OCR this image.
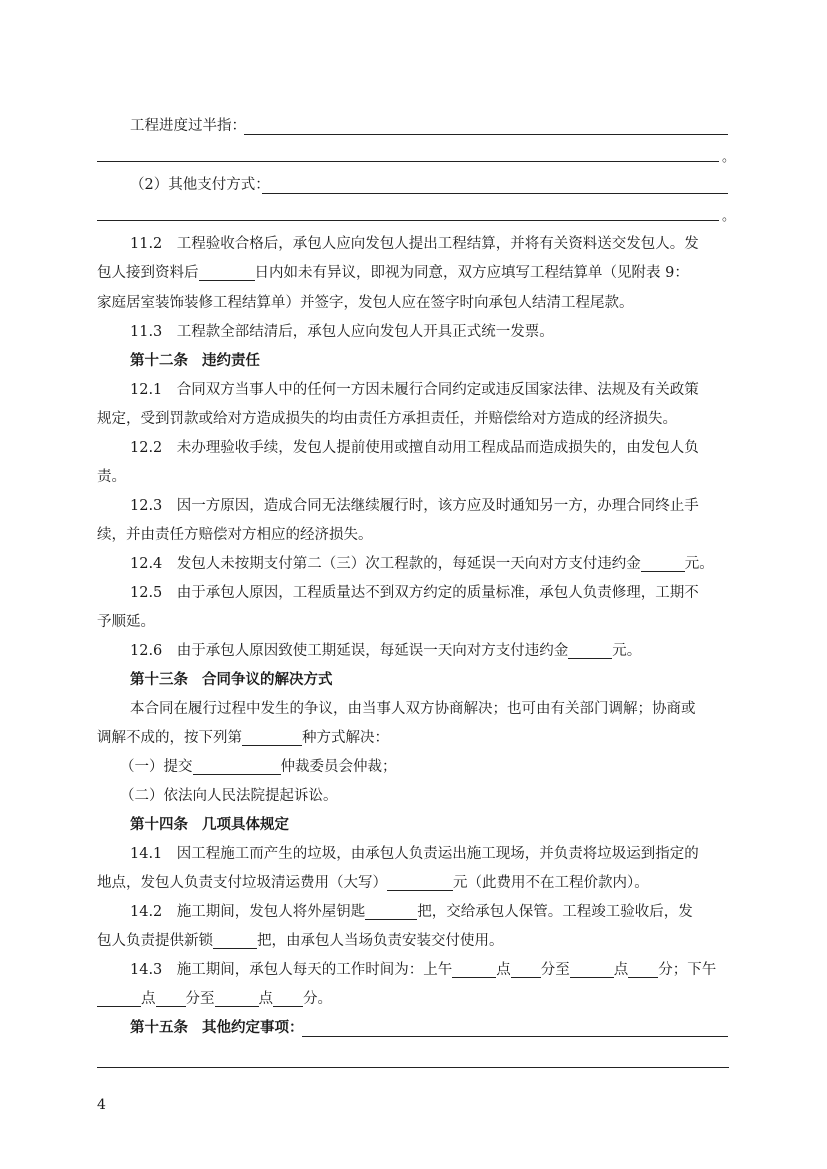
工程进度过半指：
。
（2）其他支付方式：
。
11.2　工程验收合格后，承包人应向发包人提出工程结算，并将有关资料送交发包人。发
包人接到资料后	日内如未有异议，即视为同意，双方应填写工程结算单（见附表 9：
家庭居室装饰装修工程结算单）并签字，发包人应在签字时向承包人结清工程尾款。
11.3　工程款全部结清后，承包人应向发包人开具正式统一发票。
第十二条 违约责任
12.1　合同双方当事人中的任何一方因未履行合同约定或违反国家法律、法规及有关政策
规定，受到罚款或给对方造成损失的均由责任方承担责任，并赔偿给对方造成的经济损失。
12.2　未办理验收手续，发包人提前使用或擅自动用工程成品而造成损失的，由发包人负
责。
12.3　因一方原因，造成合同无法继续履行时，该方应及时通知另一方，办理合同终止手
续，并由责任方赔偿对方相应的经济损失。
12.4　发包人未按期支付第二（三）次工程款的，每延误一天向对方支付违约金	元。
12.5　由于承包人原因，工程质量达不到双方约定的质量标准，承包人负责修理，工期不
予顺延。
12.6　由于承包人原因致使工期延误，每延误一天向对方支付违约金	元。
第十三条 合同争议的解决方式
本合同在履行过程中发生的争议，由当事人双方协商解决；也可由有关部门调解；协商或
调解不成的，按下列第	种方式解决：
（一）提交	仲裁委员会仲裁；
（二）依法向人民法院提起诉讼。
第十四条 几项具体规定
14.1　因工程施工而产生的垃圾，由承包人负责运出施工现场，并负责将垃圾运到指定的
地点，发包人负责支付垃圾清运费用（大写）	元（此费用不在工程价款内）。
14.2　施工期间，发包人将外屋钥匙	把，交给承包人保管。工程竣工验收后，发
包人负责提供新锁	把，由承包人当场负责安装交付使用。
14.3　施工期间，承包人每天的工作时间为：上午	点 分至	点 分；下午
点 分至	点 分。
第十五条 其他约定事项：
4
